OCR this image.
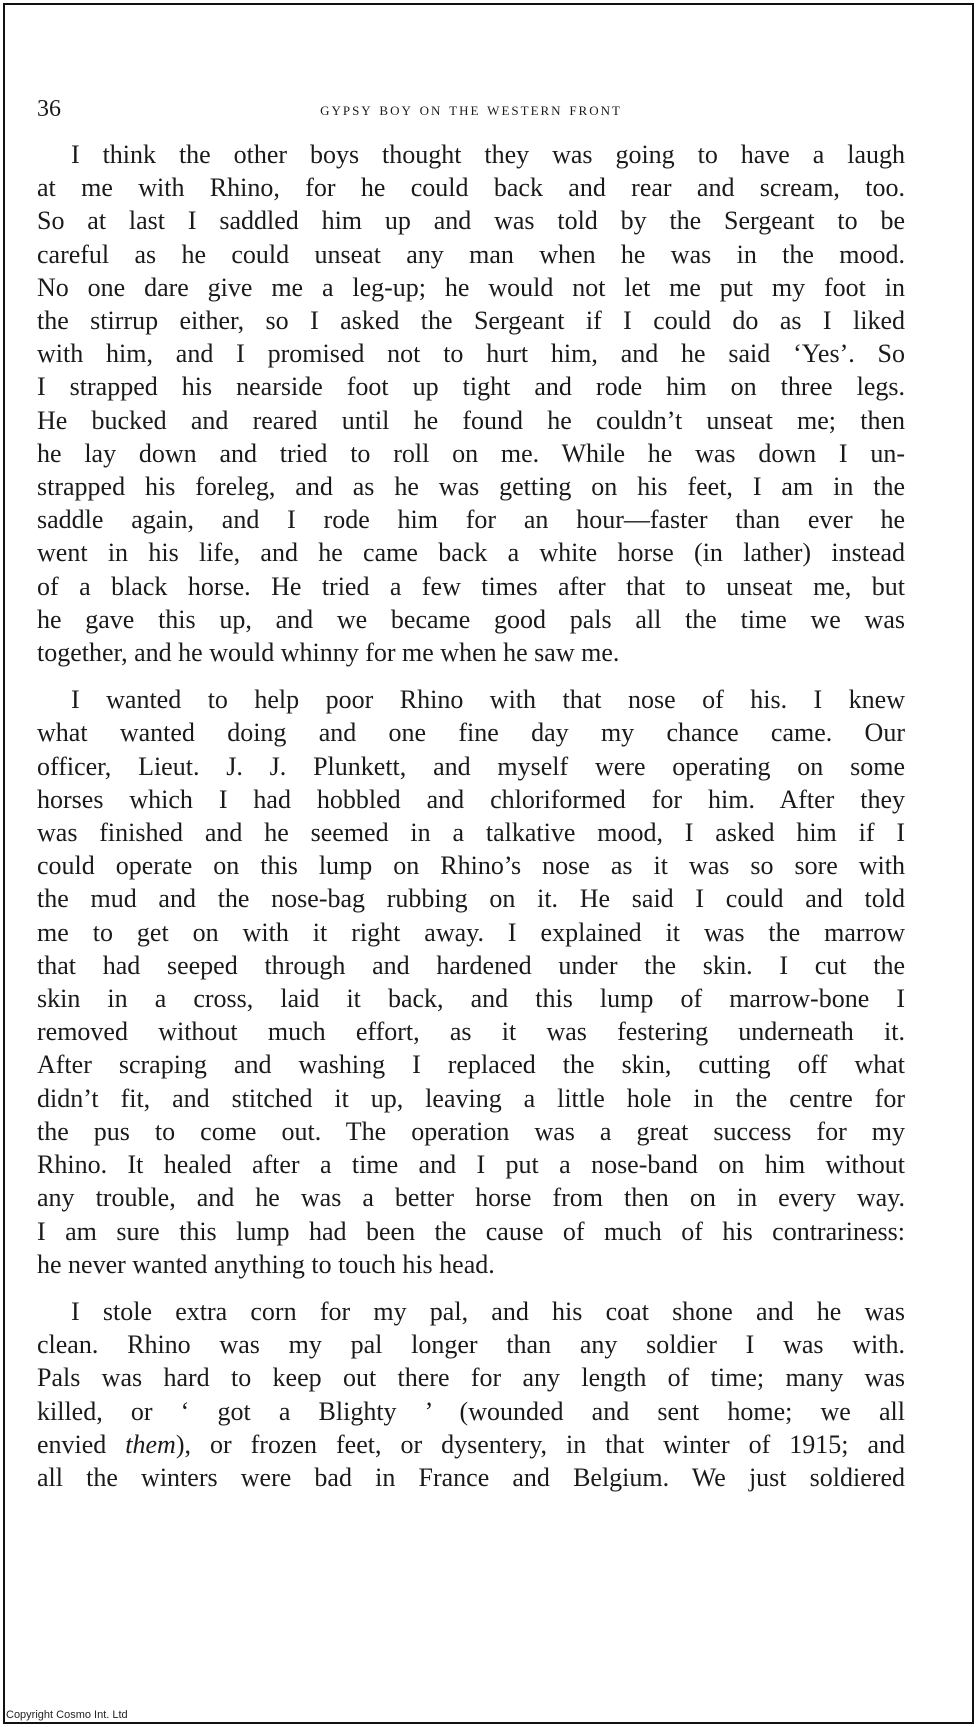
36	gypsy boy on the western front
I think the other boys thought they was going to have a laugh
at me with Rhino, for he could back and rear and scream, too.
So at last I saddled him up and was told by the Sergeant to be
careful as he could unseat any man when he was in the mood.
No one dare give me a leg-up; he would not let me put my foot in
the stirrup either, so I asked the Sergeant if I could do as I liked
with him, and I promised not to hurt him, and he said ‘Yes’. So
I strapped his nearside foot up tight and rode him on three legs.
He bucked and reared until he found he couldn’t unseat me; then
he lay down and tried to roll on me. While he was down I un-
strapped his foreleg, and as he was getting on his feet, I am in the
saddle again, and I rode him for an hour—faster than ever he
went in his life, and he came back a white horse (in lather) instead
of a black horse. He tried a few times after that to unseat me, but
he gave this up, and we became good pals all the time we was
together, and he would whinny for me when he saw me.
I wanted to help poor Rhino with that nose of his. I knew
what wanted doing and one fine day my chance came. Our
officer, Lieut. J. J. Plunkett, and myself were operating on some
horses which I had hobbled and chloriformed for him. After they
was finished and he seemed in a talkative mood, I asked him if I
could operate on this lump on Rhino’s nose as it was so sore with
the mud and the nose-bag rubbing on it. He said I could and told
me to get on with it right away. I explained it was the marrow
that had seeped through and hardened under the skin. I cut the
skin in a cross, laid it back, and this lump of marrow-bone I
removed without much effort, as it was festering underneath it.
After scraping and washing I replaced the skin, cutting off what
didn’t fit, and stitched it up, leaving a little hole in the centre for
the pus to come out. The operation was a great success for my
Rhino. It healed after a time and I put a nose-band on him without
any trouble, and he was a better horse from then on in every way.
I am sure this lump had been the cause of much of his contrariness:
he never wanted anything to touch his head.
I stole extra corn for my pal, and his coat shone and he was
clean. Rhino was my pal longer than any soldier I was with.
Pals was hard to keep out there for any length of time; many was
killed, or ‘ got a Blighty ’ (wounded and sent home; we all
envied them), or frozen feet, or dysentery, in that winter of 1915; and
all the winters were bad in France and Belgium. We just soldiered
Copyright Cosmo Int. Ltd
